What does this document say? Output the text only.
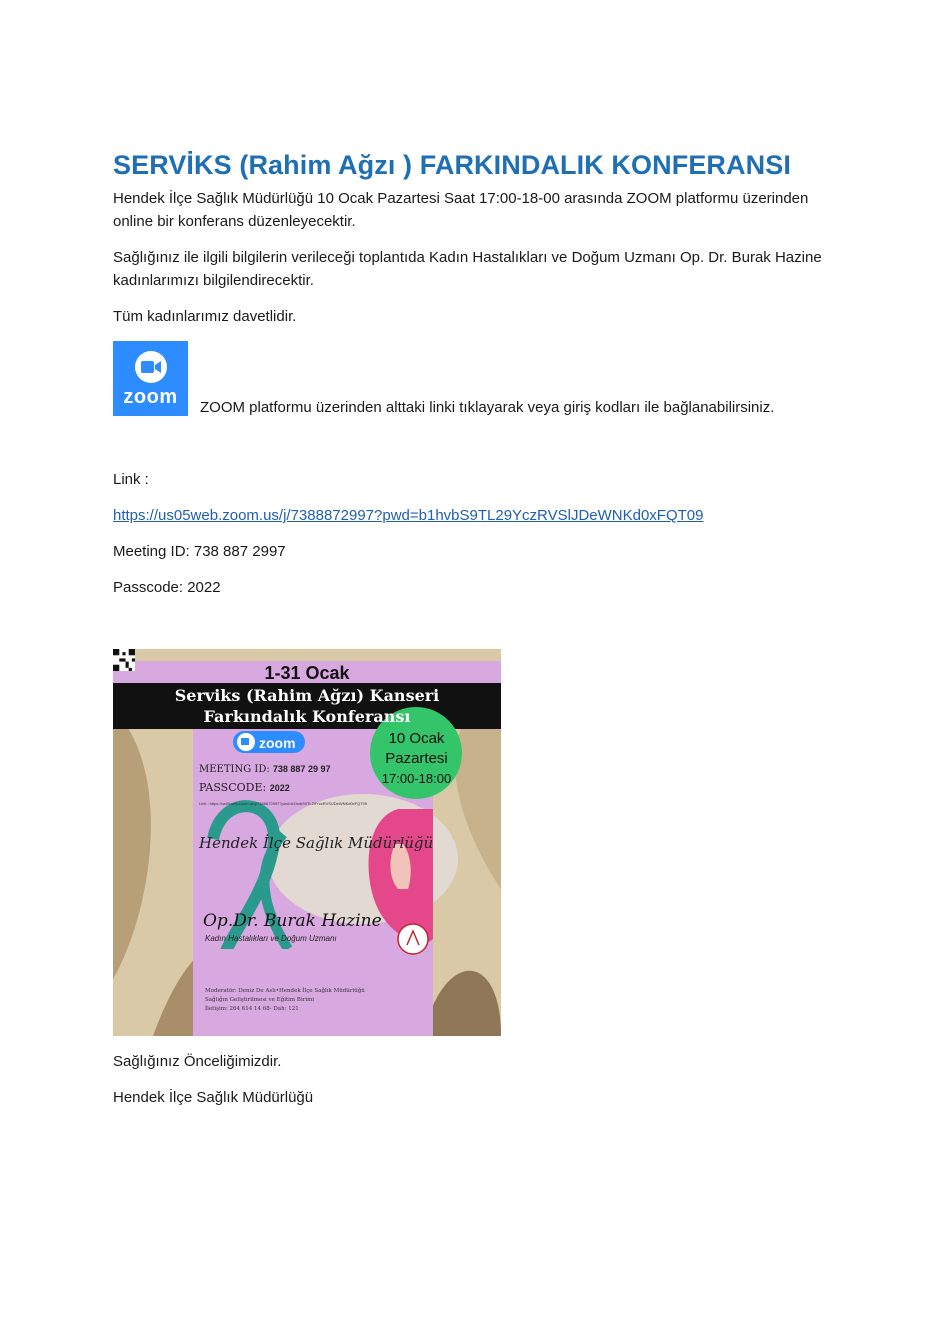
SERVİKS (Rahim Ağzı ) FARKINDALIK KONFERANSI

Hendek İlçe Sağlık Müdürlüğü 10 Ocak Pazartesi Saat 17:00-18-00 arasında ZOOM platformu üzerinden online bir konferans düzenleyecektir.

Sağlığınız ile ilgili bilgilerin verileceği toplantıda Kadın Hastalıkları ve Doğum Uzmanı Op. Dr. Burak Hazine kadınlarımızı bilgilendirecektir.

Tüm kadınlarımız davetlidir.

zoom ZOOM platformu üzerinden alttaki linki tıklayarak veya giriş kodları ile bağlanabilirsiniz.

Link :

https://us05web.zoom.us/j/7388872997?pwd=b1hvbS9TL29YczRVSlJDeWNKd0xFQT09

Meeting ID: 738 887 2997

Passcode: 2022

1-31 Ocak
Serviks (Rahim Ağzı) Kanseri
Farkındalık Konferansı
zoom
MEETING ID: 738 887 29 97
PASSCODE: 2022
Link : https://us05web.zoom.us/j/7388872997?pwd=b1hvbS9TL29YczRVSlJDeWNKd0xFQT09
10 Ocak
Pazartesi
17:00-18:00
Hendek İlçe Sağlık Müdürlüğü
Op.Dr. Burak Hazine
Kadın Hastalıkları ve Doğum Uzmanı
Moderatör: Deniz De Aslı•Hendek İlçe Sağlık Müdürlüğü
Sağlığın Geliştirilmesi ve Eğitim Birimi
İletişim: 264 614 14 68- Dah: 121

Sağlığınız Önceliğimizdir.

Hendek İlçe Sağlık Müdürlüğü
